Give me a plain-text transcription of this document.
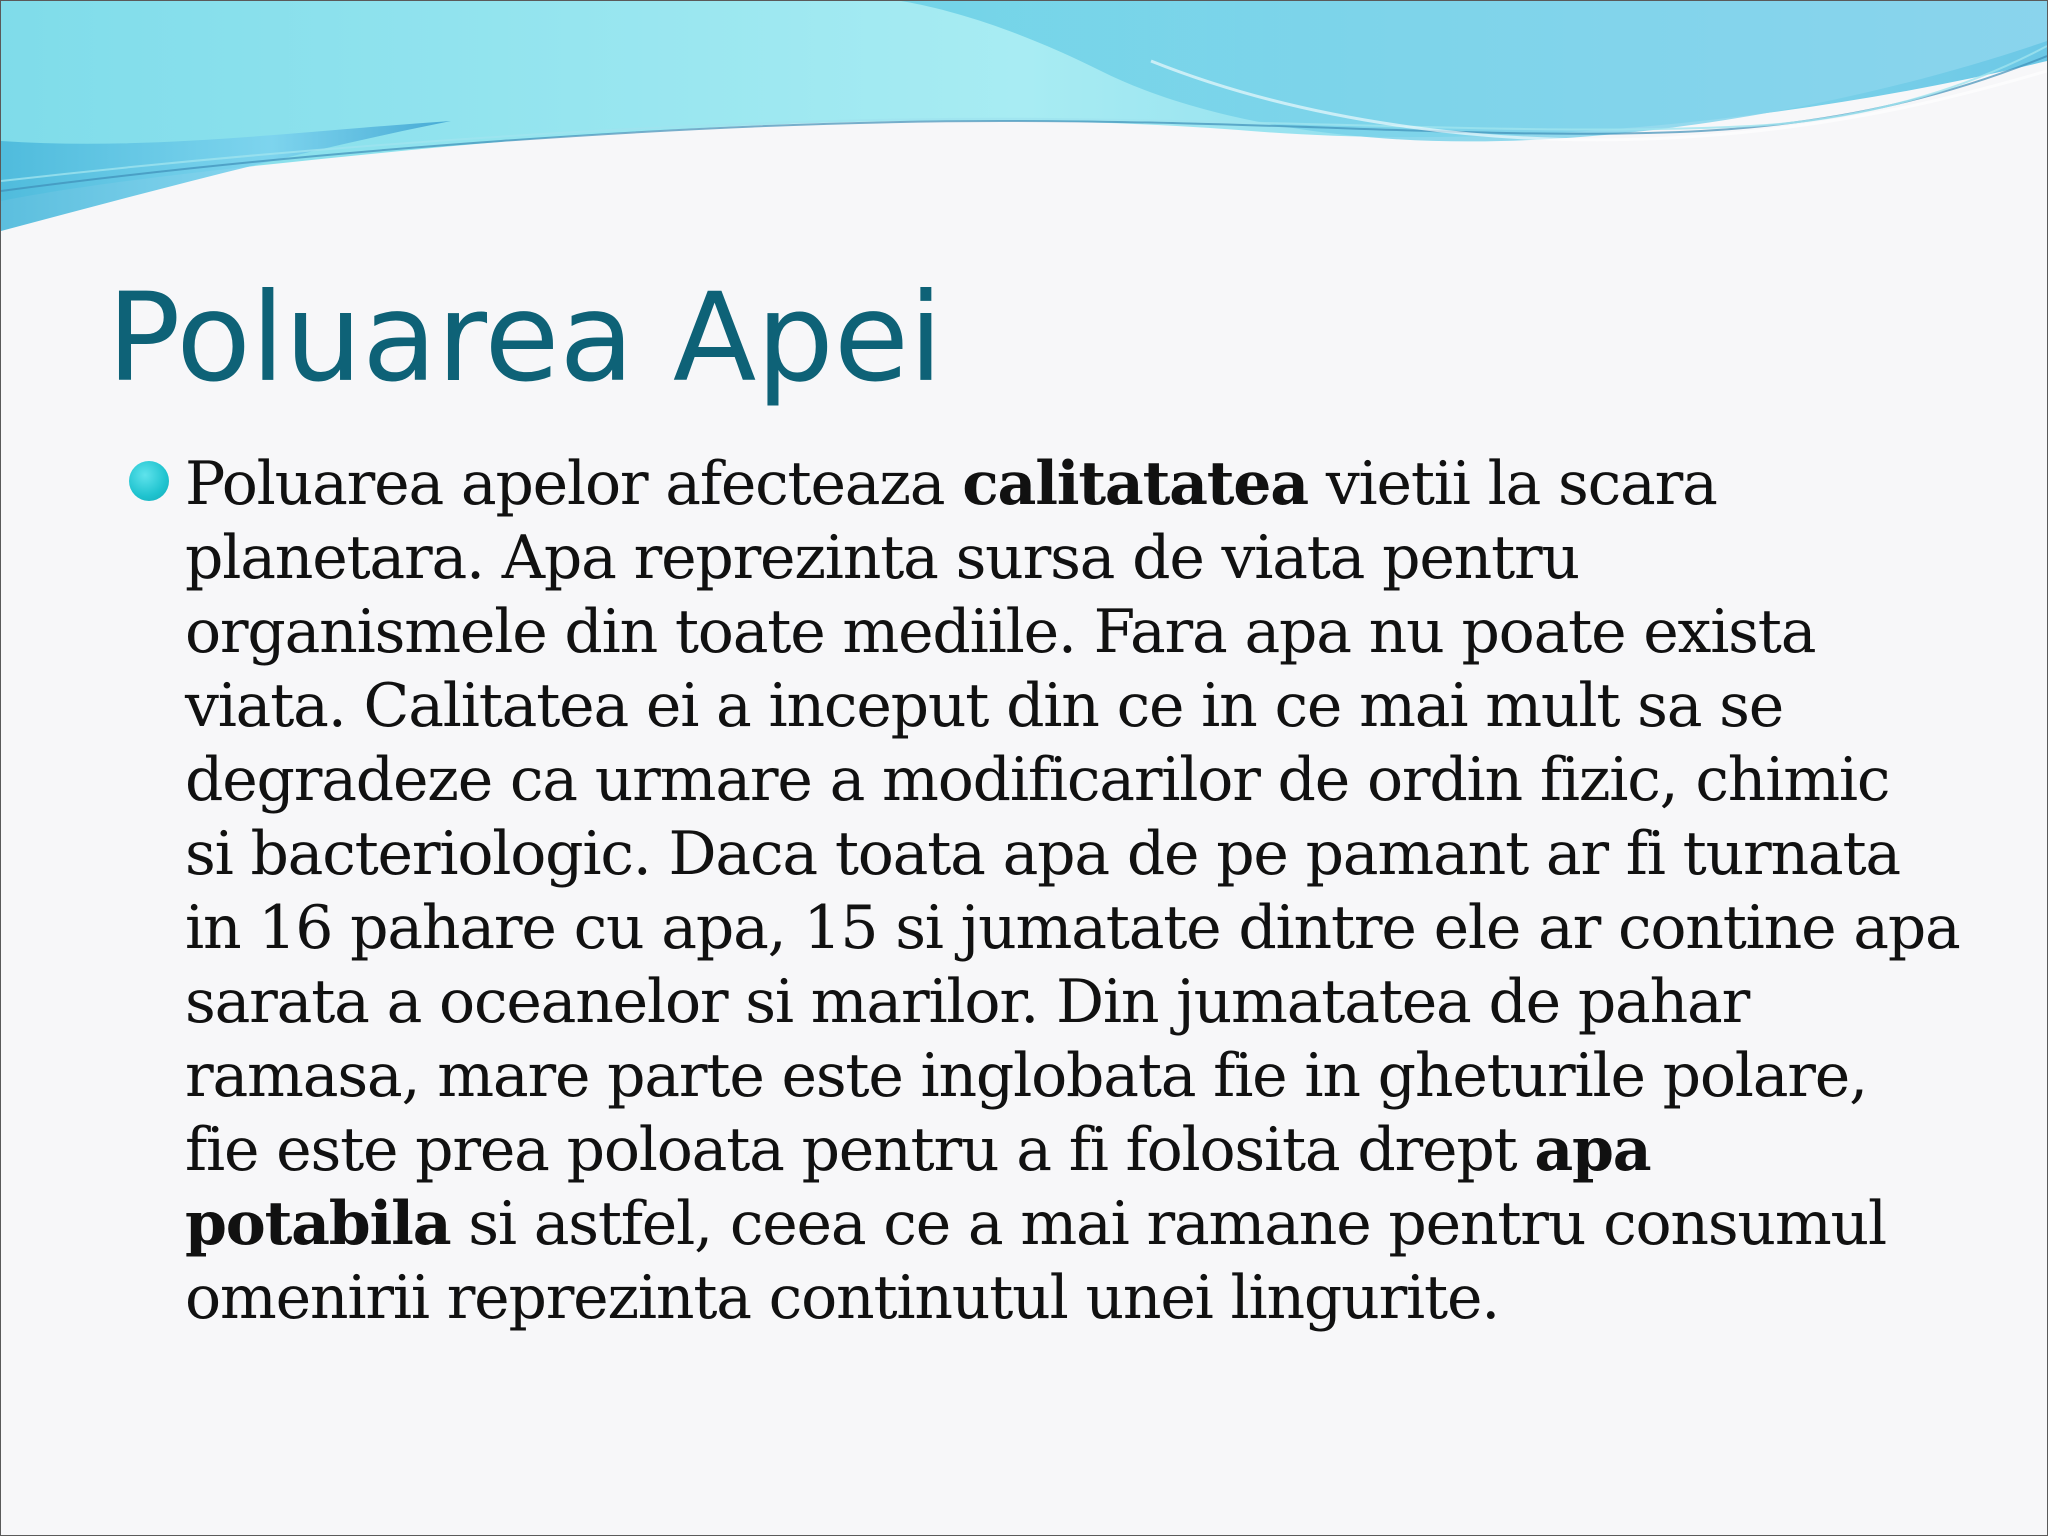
Poluarea Apei

Poluarea apelor afecteaza calitatatea vietii la scara
planetara. Apa reprezinta sursa de viata pentru
organismele din toate mediile. Fara apa nu poate exista
viata. Calitatea ei a inceput din ce in ce mai mult sa se
degradeze ca urmare a modificarilor de ordin fizic, chimic
si bacteriologic. Daca toata apa de pe pamant ar fi turnata
in 16 pahare cu apa, 15 si jumatate dintre ele ar contine apa
sarata a oceanelor si marilor. Din jumatatea de pahar
ramasa, mare parte este inglobata fie in gheturile polare,
fie este prea poloata pentru a fi folosita drept apa
potabila si astfel, ceea ce a mai ramane pentru consumul
omenirii reprezinta continutul unei lingurite.
